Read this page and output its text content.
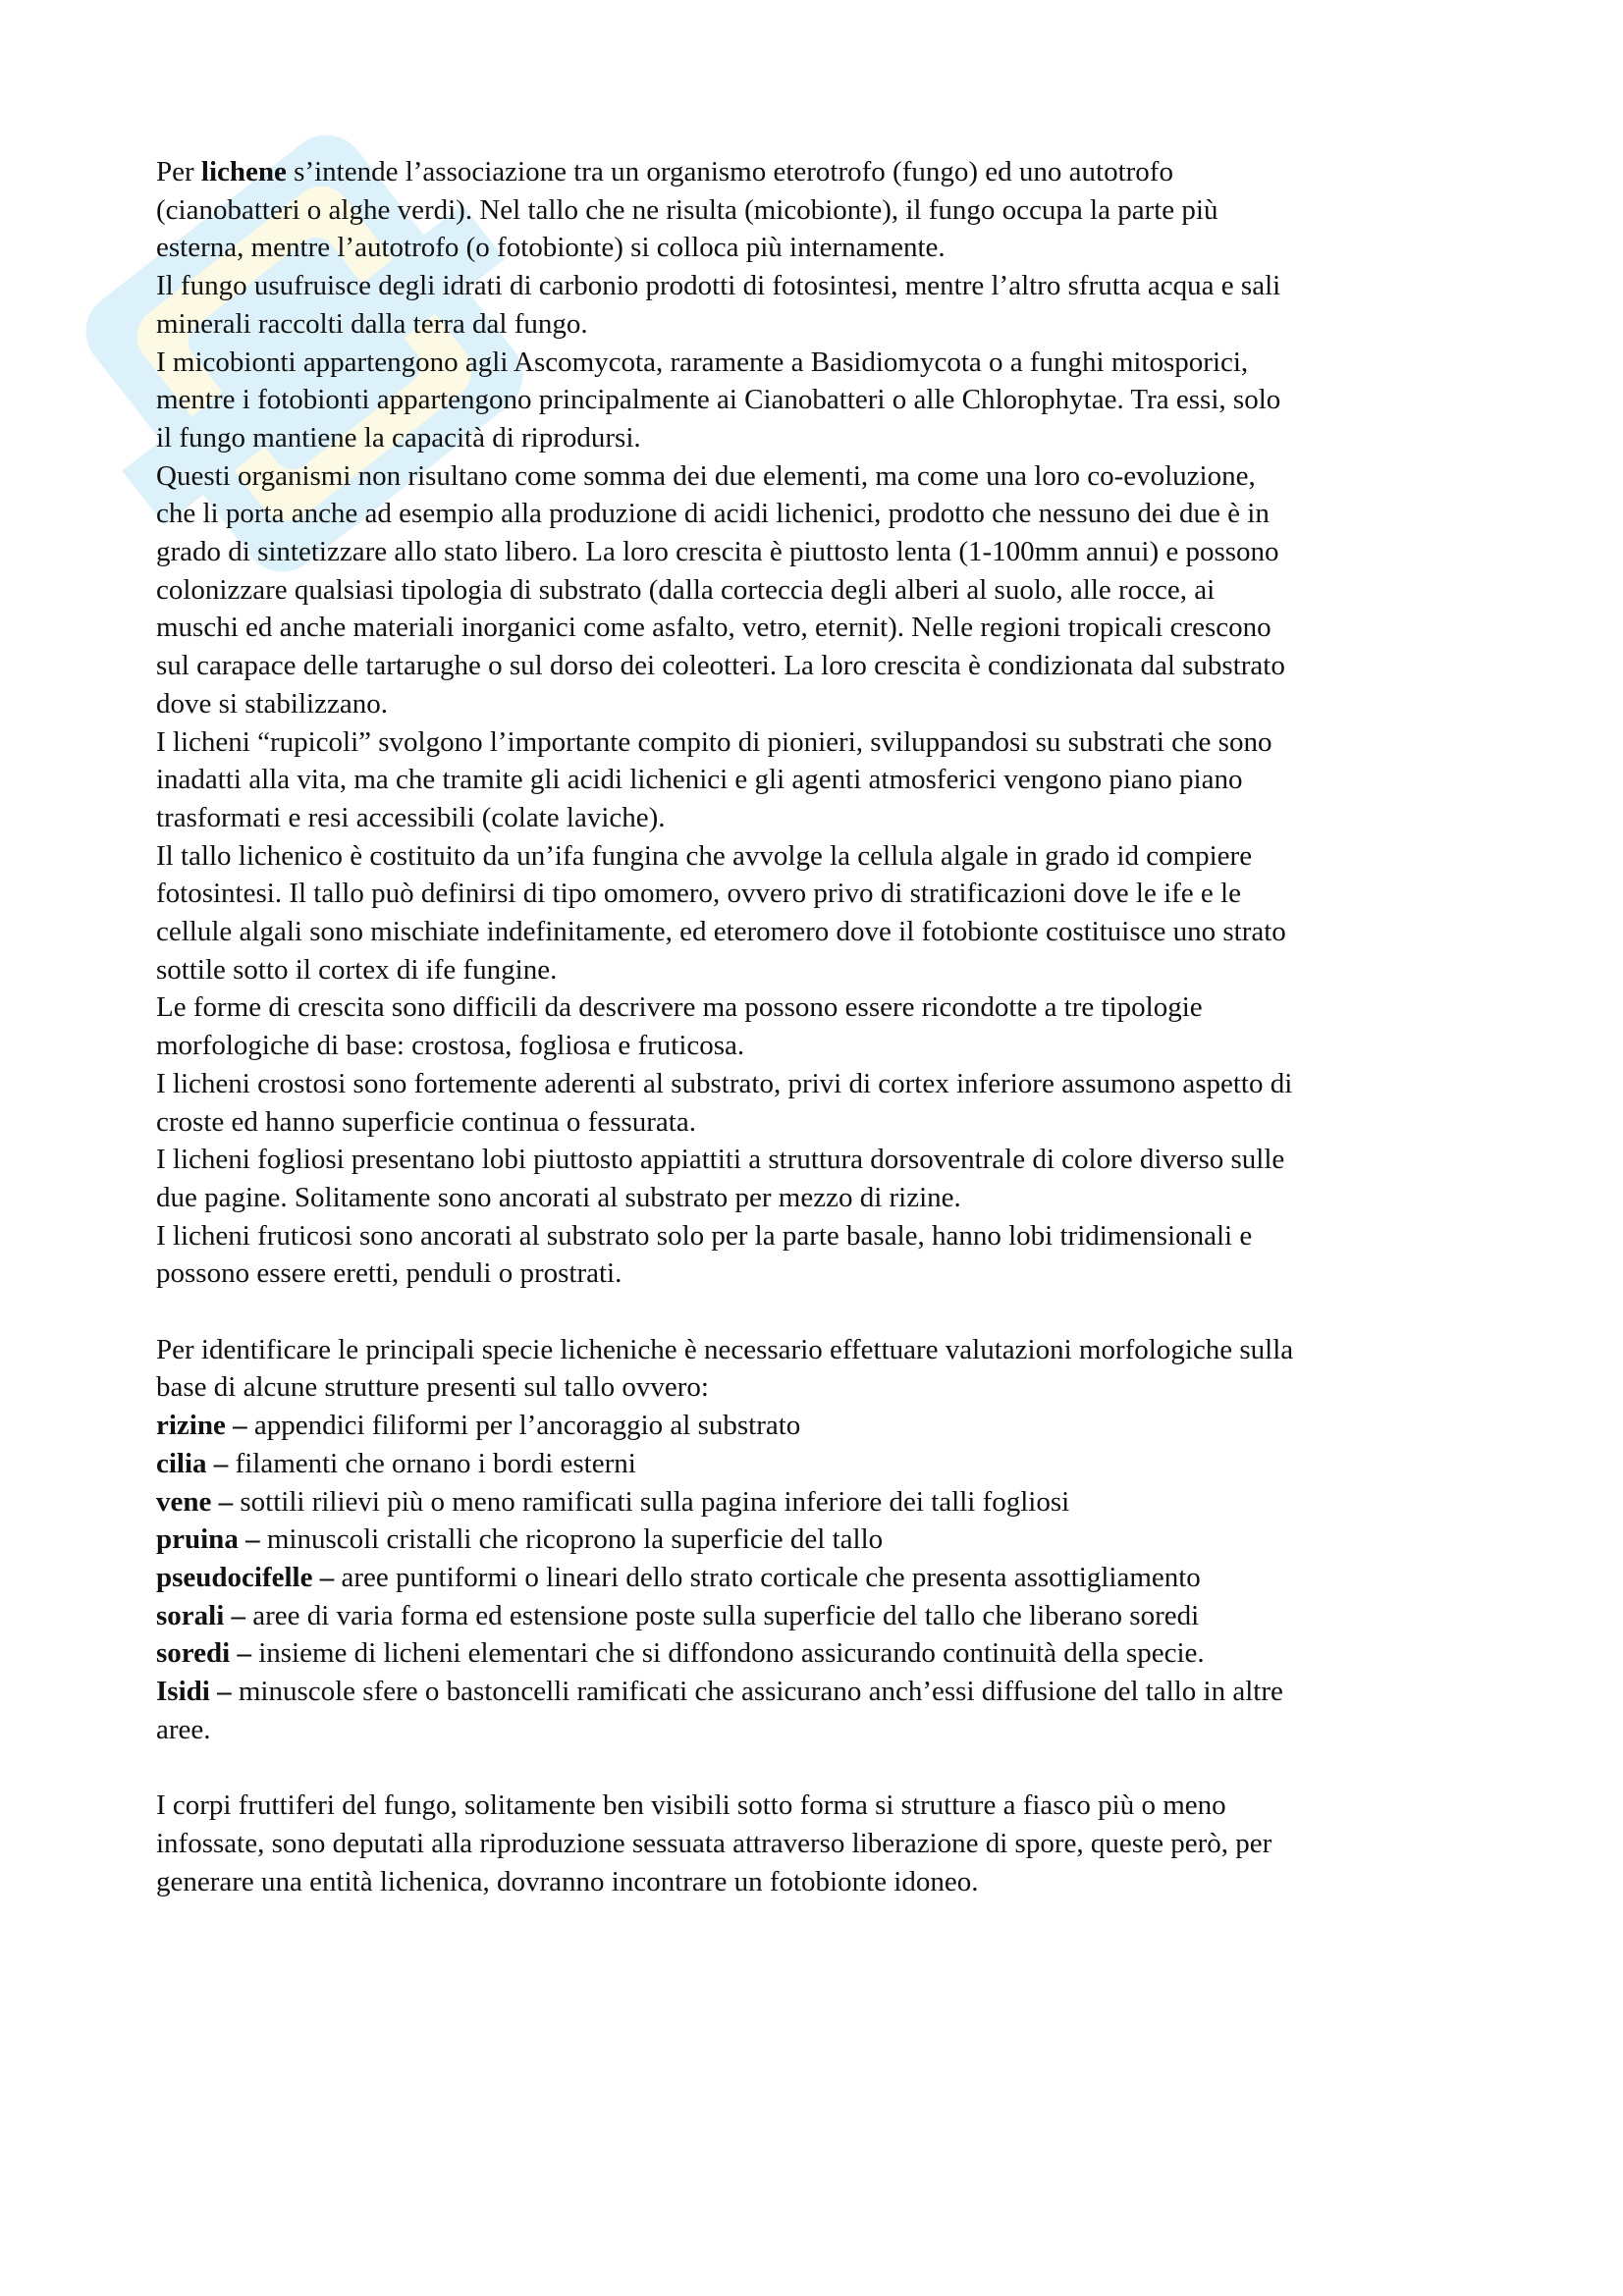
Per lichene s’intende l’associazione tra un organismo eterotrofo (fungo) ed uno autotrofo
(cianobatteri o alghe verdi). Nel tallo che ne risulta (micobionte), il fungo occupa la parte più
esterna, mentre l’autotrofo (o fotobionte) si colloca più internamente.
Il fungo usufruisce degli idrati di carbonio prodotti di fotosintesi, mentre l’altro sfrutta acqua e sali
minerali raccolti dalla terra dal fungo.
I micobionti appartengono agli Ascomycota, raramente a Basidiomycota o a funghi mitosporici,
mentre i fotobionti appartengono principalmente ai Cianobatteri o alle Chlorophytae. Tra essi, solo
il fungo mantiene la capacità di riprodursi.
Questi organismi non risultano come somma dei due elementi, ma come una loro co-evoluzione,
che li porta anche ad esempio alla produzione di acidi lichenici, prodotto che nessuno dei due è in
grado di sintetizzare allo stato libero. La loro crescita è piuttosto lenta (1-100mm annui) e possono
colonizzare qualsiasi tipologia di substrato (dalla corteccia degli alberi al suolo, alle rocce, ai
muschi ed anche materiali inorganici come asfalto, vetro, eternit). Nelle regioni tropicali crescono
sul carapace delle tartarughe o sul dorso dei coleotteri. La loro crescita è condizionata dal substrato
dove si stabilizzano.
I licheni “rupicoli” svolgono l’importante compito di pionieri, sviluppandosi su substrati che sono
inadatti alla vita, ma che tramite gli acidi lichenici e gli agenti atmosferici vengono piano piano
trasformati e resi accessibili (colate laviche).
Il tallo lichenico è costituito da un’ifa fungina che avvolge la cellula algale in grado id compiere
fotosintesi. Il tallo può definirsi di tipo omomero, ovvero privo di stratificazioni dove le ife e le
cellule algali sono mischiate indefinitamente, ed eteromero dove il fotobionte costituisce uno strato
sottile sotto il cortex di ife fungine.
Le forme di crescita sono difficili da descrivere ma possono essere ricondotte a tre tipologie
morfologiche di base: crostosa, fogliosa e fruticosa.
I licheni crostosi sono fortemente aderenti al substrato, privi di cortex inferiore assumono aspetto di
croste ed hanno superficie continua o fessurata.
I licheni fogliosi presentano lobi piuttosto appiattiti a struttura dorsoventrale di colore diverso sulle
due pagine. Solitamente sono ancorati al substrato per mezzo di rizine.
I licheni fruticosi sono ancorati al substrato solo per la parte basale, hanno lobi tridimensionali e
possono essere eretti, penduli o prostrati.
Per identificare le principali specie licheniche è necessario effettuare valutazioni morfologiche sulla
base di alcune strutture presenti sul tallo ovvero:
rizine – appendici filiformi per l’ancoraggio al substrato
cilia – filamenti che ornano i bordi esterni
vene – sottili rilievi più o meno ramificati sulla pagina inferiore dei talli fogliosi
pruina – minuscoli cristalli che ricoprono la superficie del tallo
pseudocifelle – aree puntiformi o lineari dello strato corticale che presenta assottigliamento
sorali – aree di varia forma ed estensione poste sulla superficie del tallo che liberano soredi
soredi – insieme di licheni elementari che si diffondono assicurando continuità della specie.
Isidi – minuscole sfere o bastoncelli ramificati che assicurano anch’essi diffusione del tallo in altre
aree.
I corpi fruttiferi del fungo, solitamente ben visibili sotto forma si strutture a fiasco più o meno
infossate, sono deputati alla riproduzione sessuata attraverso liberazione di spore, queste però, per
generare una entità lichenica, dovranno incontrare un fotobionte idoneo.
